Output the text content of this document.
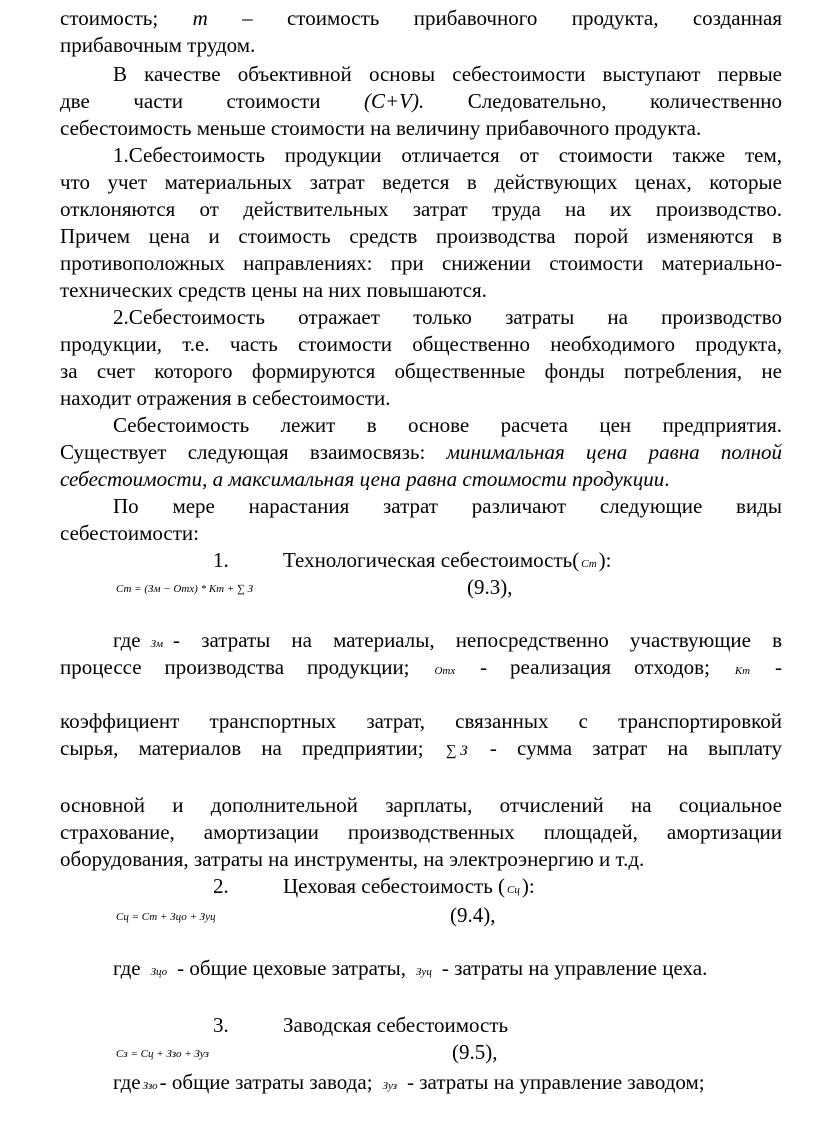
стоимость; m – стоимость прибавочного продукта, созданная
прибавочным трудом.
В качестве объективной основы себестоимости выступают первые
две части стоимости (C+V). Следовательно, количественно
себестоимость меньше стоимости на величину прибавочного продукта.
1.Себестоимость продукции отличается от стоимости также тем,
что учет материальных затрат ведется в действующих ценах, которые
отклоняются от действительных затрат труда на их производство.
Причем цена и стоимость средств производства порой изменяются в
противоположных направлениях: при снижении стоимости материально-
технических средств цены на них повышаются.
2.Себестоимость отражает только затраты на производство
продукции, т.е. часть стоимости общественно необходимого продукта,
за счет которого формируются общественные фонды потребления, не
находит отражения в себестоимости.
Себестоимость лежит в основе расчета цен предприятия.
Существует следующая взаимосвязь: минимальная цена равна полной
себестоимости, а максимальная цена равна стоимости продукции.
По мере нарастания затрат различают следующие виды
себестоимости:
1.	Технологическая себестоимость( Ст):
Ст = (Зм − Отх) * Кт + ∑ З	(9.3),
где Зм - затраты на материалы, непосредственно участвующие в
процессе производства продукции; Отх - реализация отходов; Кт -
коэффициент транспортных затрат, связанных с транспортировкой
сырья, материалов на предприятии; ∑ З - сумма затрат на выплату
основной и дополнительной зарплаты, отчислений на социальное
страхование, амортизации производственных площадей, амортизации
оборудования, затраты на инструменты, на электроэнергию и т.д.
2.	Цеховая себестоимость ( Сц):
Сц = Ст + Зцо + Зуц	(9.4),
где Зцо - общие цеховые затраты, Зуц - затраты на управление цеха.
3.	Заводская себестоимость
Сз = Сц + Ззо + Зуз	(9.5),
где Ззо- общие затраты завода; Зуз - затраты на управление заводом;
